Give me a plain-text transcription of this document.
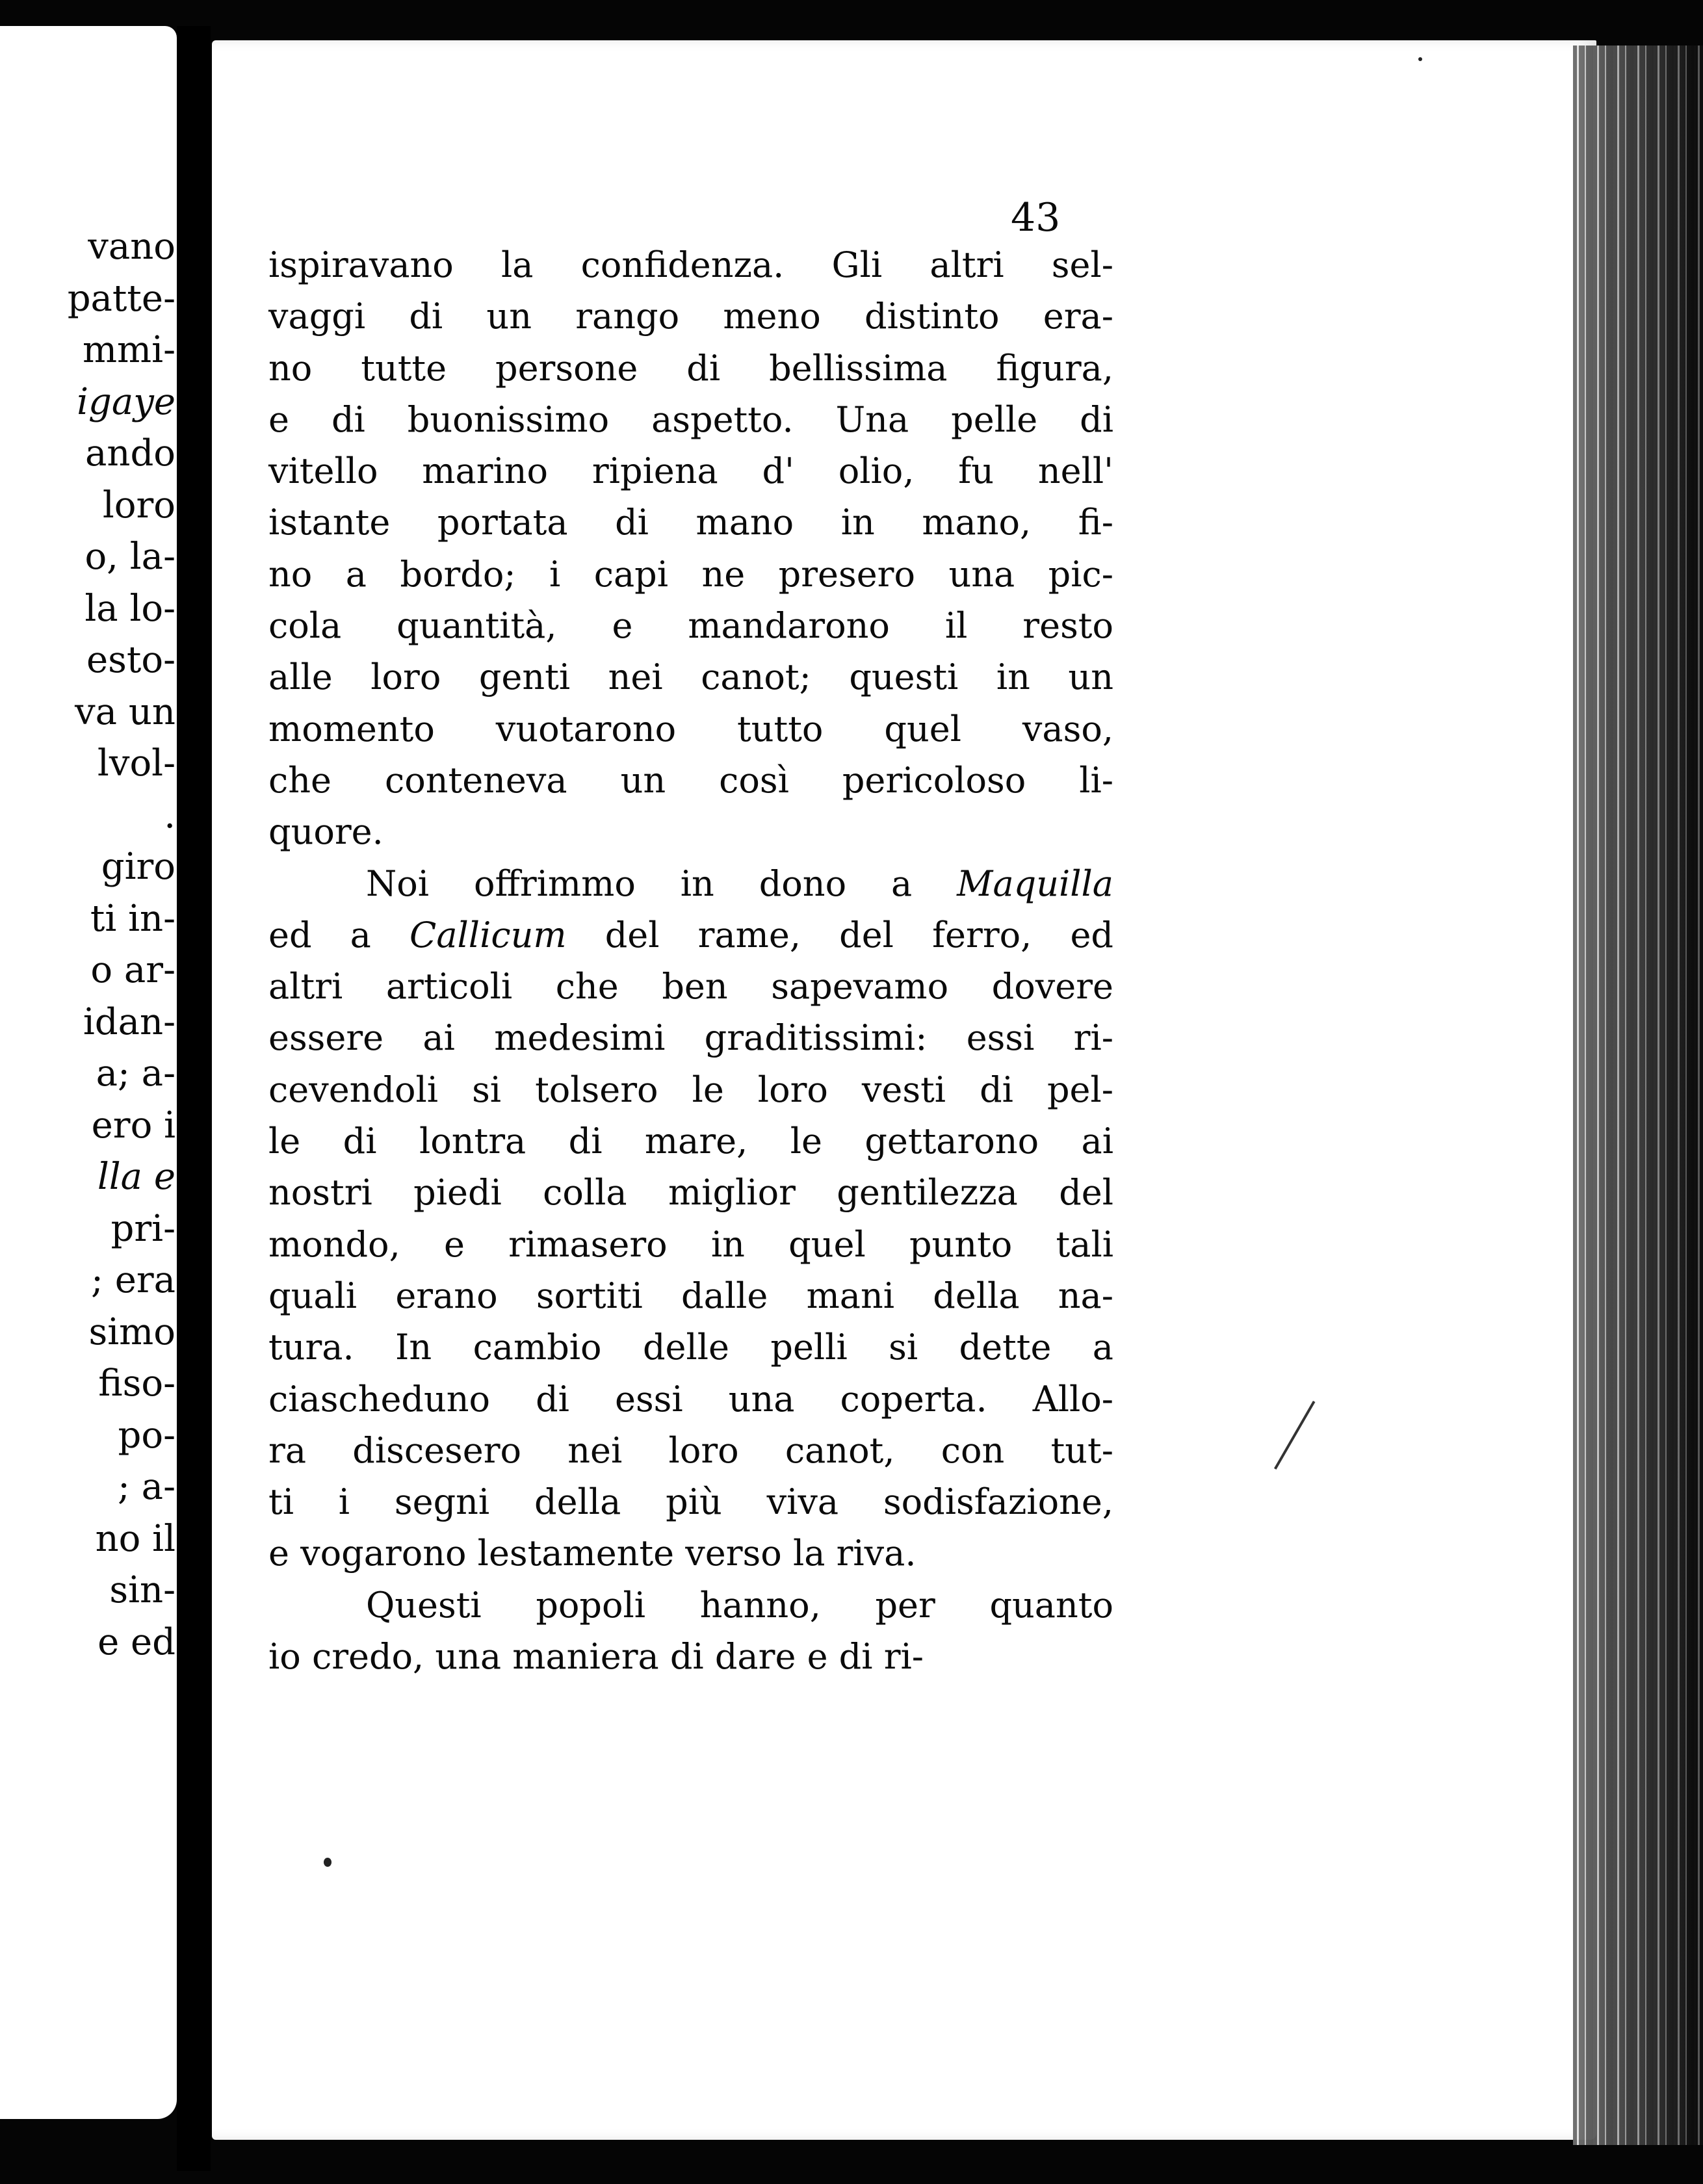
vano
patte-
mmi-
igaye
ando
loro
o, la-
la lo-
esto-
va un
lvol-
.
giro
ti in-
o ar-
idan-
a; a-
ero i
lla e
pri-
; era
simo
fiso-
po-
; a-
no il
sin-
e ed
43
ispiravano la confidenza. Gli altri sel-
vaggi di un rango meno distinto era-
no tutte persone di bellissima figura,
e di buonissimo aspetto. Una pelle di
vitello marino ripiena d' olio, fu nell'
istante portata di mano in mano, fi-
no a bordo; i capi ne presero una pic-
cola quantità, e mandarono il resto
alle loro genti nei canot; questi in un
momento vuotarono tutto quel vaso,
che conteneva un così pericoloso li-
quore.
Noi offrimmo in dono a Maquilla
ed a Callicum del rame, del ferro, ed
altri articoli che ben sapevamo dovere
essere ai medesimi graditissimi: essi ri-
cevendoli si tolsero le loro vesti di pel-
le di lontra di mare, le gettarono ai
nostri piedi colla miglior gentilezza del
mondo, e rimasero in quel punto tali
quali erano sortiti dalle mani della na-
tura. In cambio delle pelli si dette a
ciascheduno di essi una coperta. Allo-
ra discesero nei loro canot, con tut-
ti i segni della più viva sodisfazione,
e vogarono lestamente verso la riva.
Questi popoli hanno, per quanto
io credo, una maniera di dare e di ri-
